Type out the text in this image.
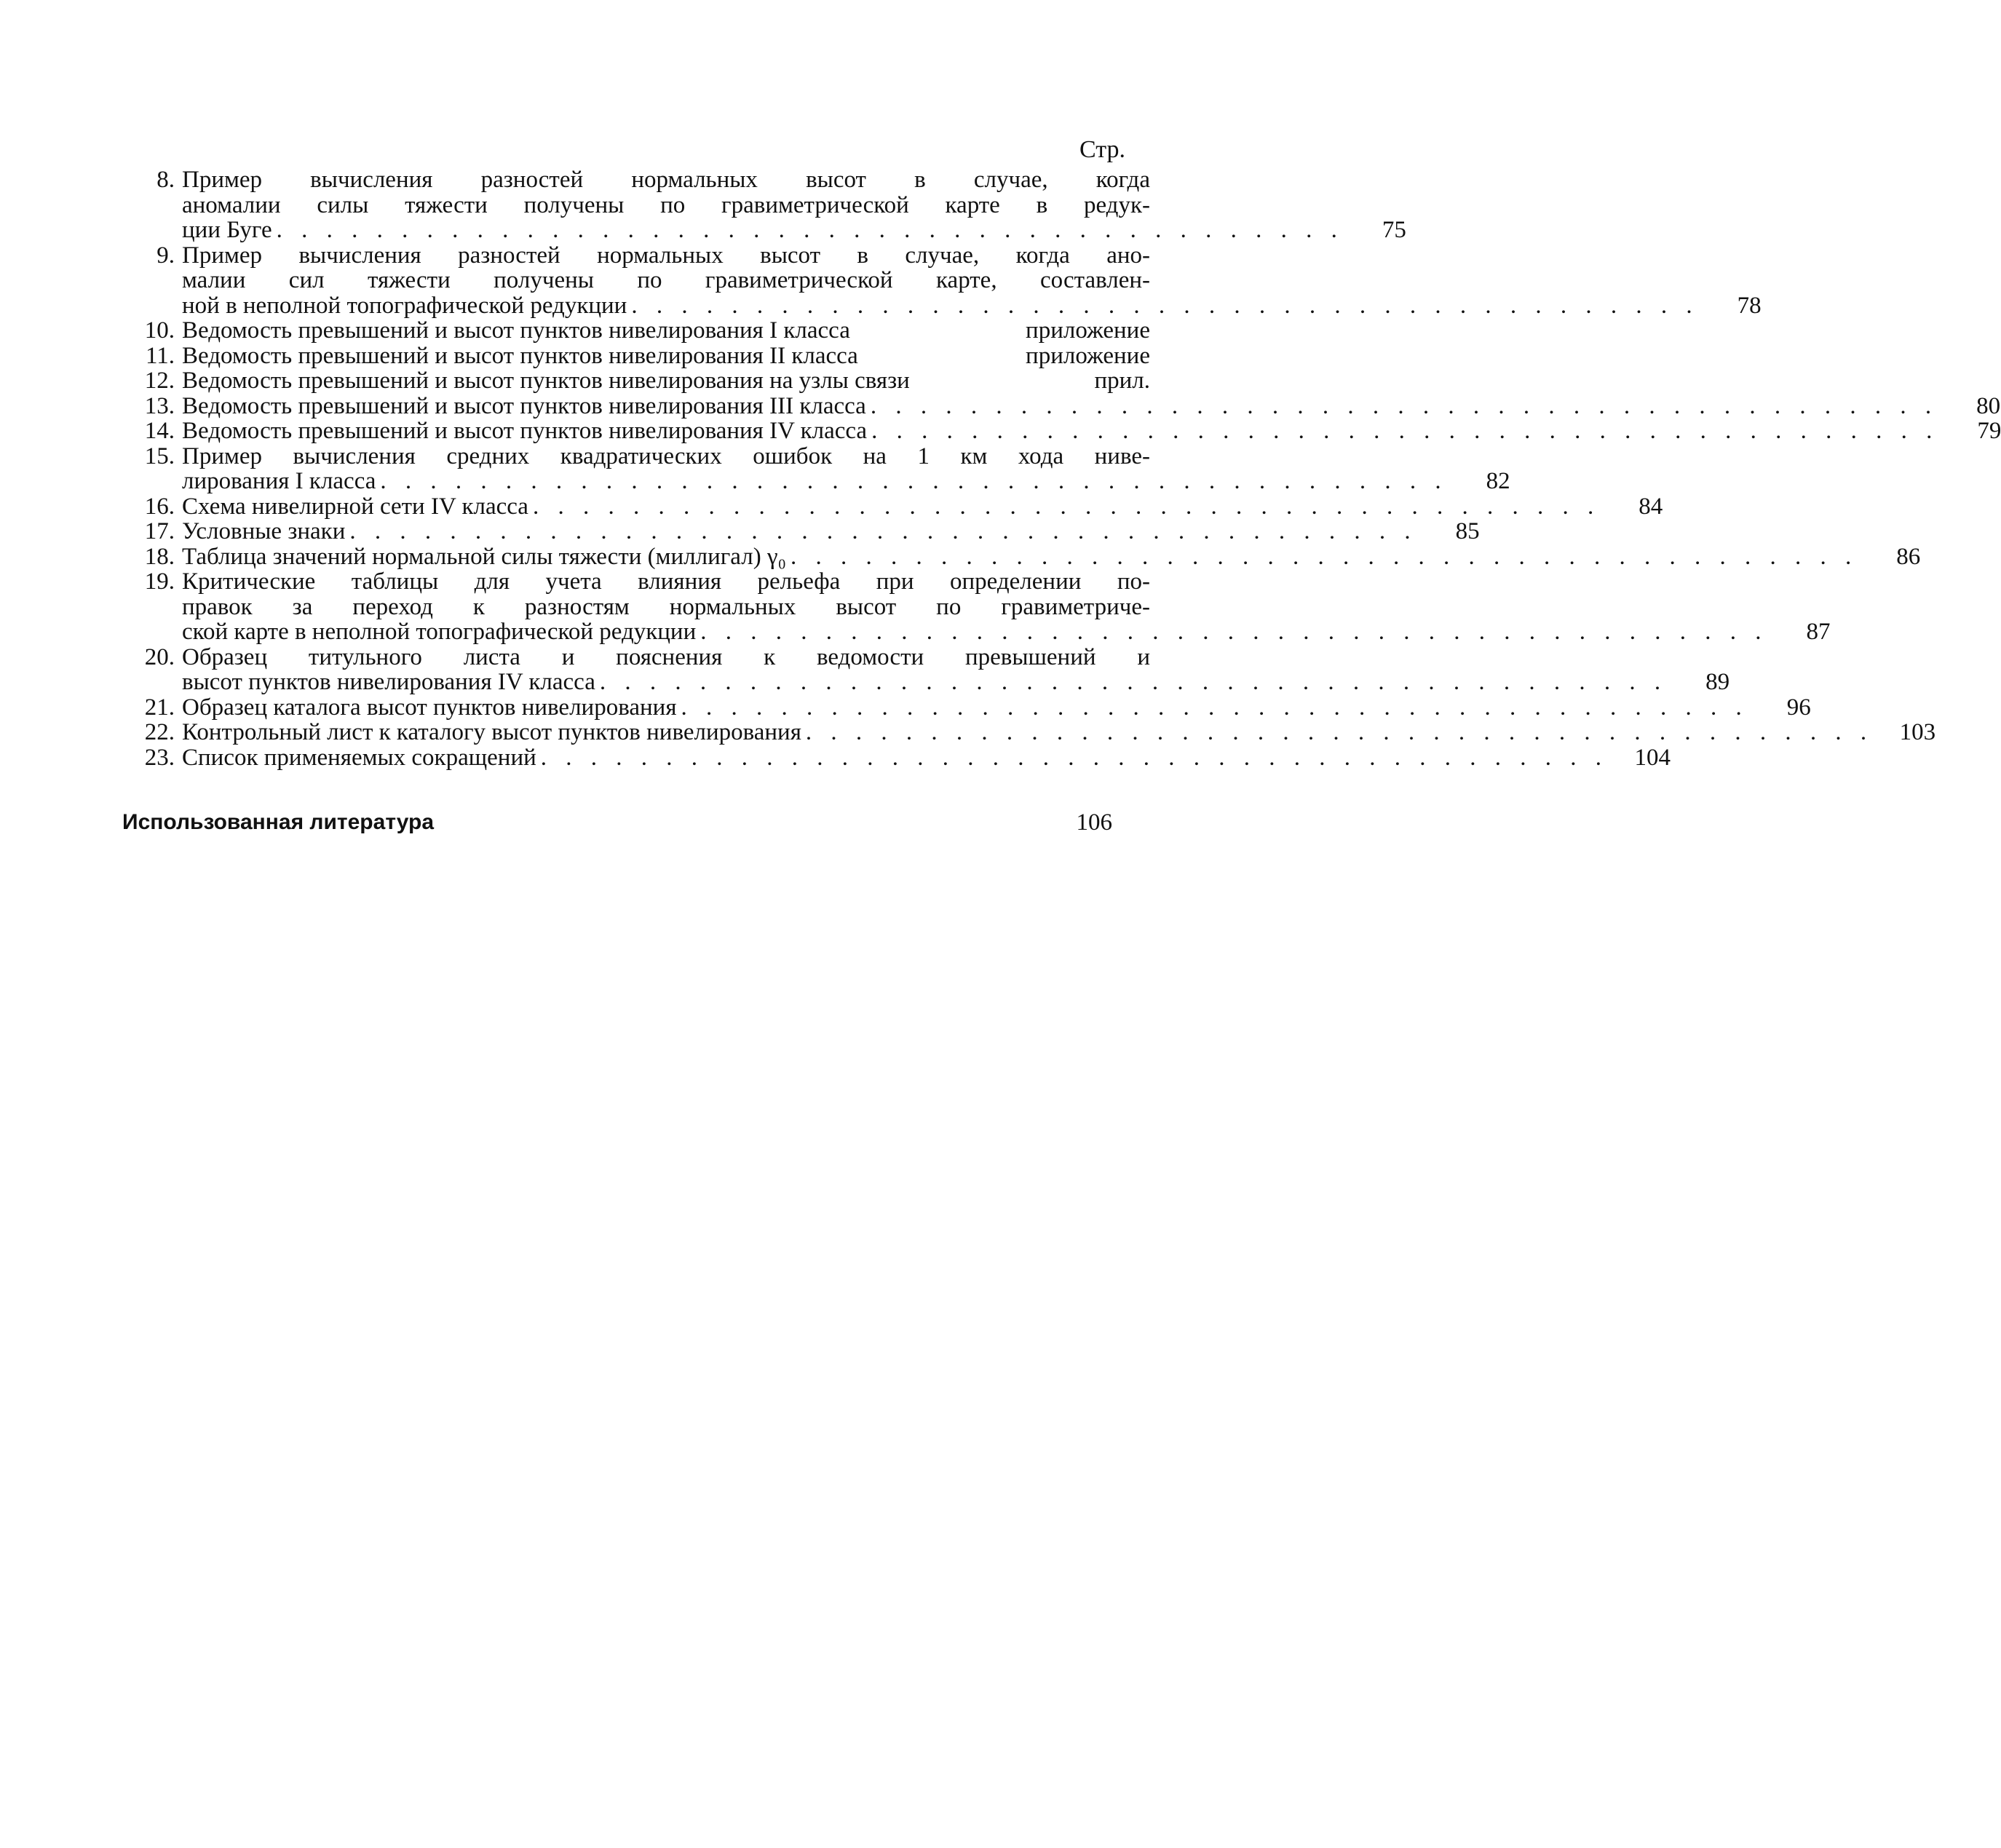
Стр.
8. Пример вычисления разностей нормальных высот в случае, когда
аномалии силы тяжести получены по гравиметрической карте в редук-
ции Буге . . . . . . . . . . . . . . . . . . . . . . . . . . . . . . . . . . . . . . . . . . .	75
9. Пример вычисления разностей нормальных высот в случае, когда ано-
малии сил тяжести получены по гравиметрической карте, составлен-
ной в неполной топографической редукции . . . . . . . . . . . . . . . . . . . . . . . . . . . . . . . . . . . . . . . . . . .	78
10. Ведомость превышений и высот пунктов нивелирования I класса	приложение
11. Ведомость превышений и высот пунктов нивелирования II класса	приложение
12. Ведомость превышений и высот пунктов нивелирования на узлы связи	прил.
13. Ведомость превышений и высот пунктов нивелирования III класса . . . . . . . . . . . . . . . . . . . . . . . . . . . . . . . . . . . . . . . . . . .	80
14. Ведомость превышений и высот пунктов нивелирования IV класса . . . . . . . . . . . . . . . . . . . . . . . . . . . . . . . . . . . . . . . . . . .	79
15. Пример вычисления средних квадратических ошибок на 1 км хода ниве-
лирования I класса . . . . . . . . . . . . . . . . . . . . . . . . . . . . . . . . . . . . . . . . . . .	82
16. Схема нивелирной сети IV класса . . . . . . . . . . . . . . . . . . . . . . . . . . . . . . . . . . . . . . . . . . .	84
17. Условные знаки . . . . . . . . . . . . . . . . . . . . . . . . . . . . . . . . . . . . . . . . . . .	85
18. Таблица значений нормальной силы тяжести (миллигал) γ₀ . . . . . . . . . . . . . . . . . . . . . . . . . . . . . . . . . . . . . . . . . . .	86
19. Критические таблицы для учета влияния рельефа при определении по-
правок за переход к разностям нормальных высот по гравиметриче-
ской карте в неполной топографической редукции . . . . . . . . . . . . . . . . . . . . . . . . . . . . . . . . . . . . . . . . . . .	87
20. Образец титульного листа и пояснения к ведомости превышений и
высот пунктов нивелирования IV класса . . . . . . . . . . . . . . . . . . . . . . . . . . . . . . . . . . . . . . . . . . .	89
21. Образец каталога высот пунктов нивелирования . . . . . . . . . . . . . . . . . . . . . . . . . . . . . . . . . . . . . . . . . . .	96
22. Контрольный лист к каталогу высот пунктов нивелирования . . . . . . . . . . . . . . . . . . . . . . . . . . . . . . . . . . . . . . . . . . .	103
23. Список применяемых сокращений . . . . . . . . . . . . . . . . . . . . . . . . . . . . . . . . . . . . . . . . . . .	104
Использованная литература	106
